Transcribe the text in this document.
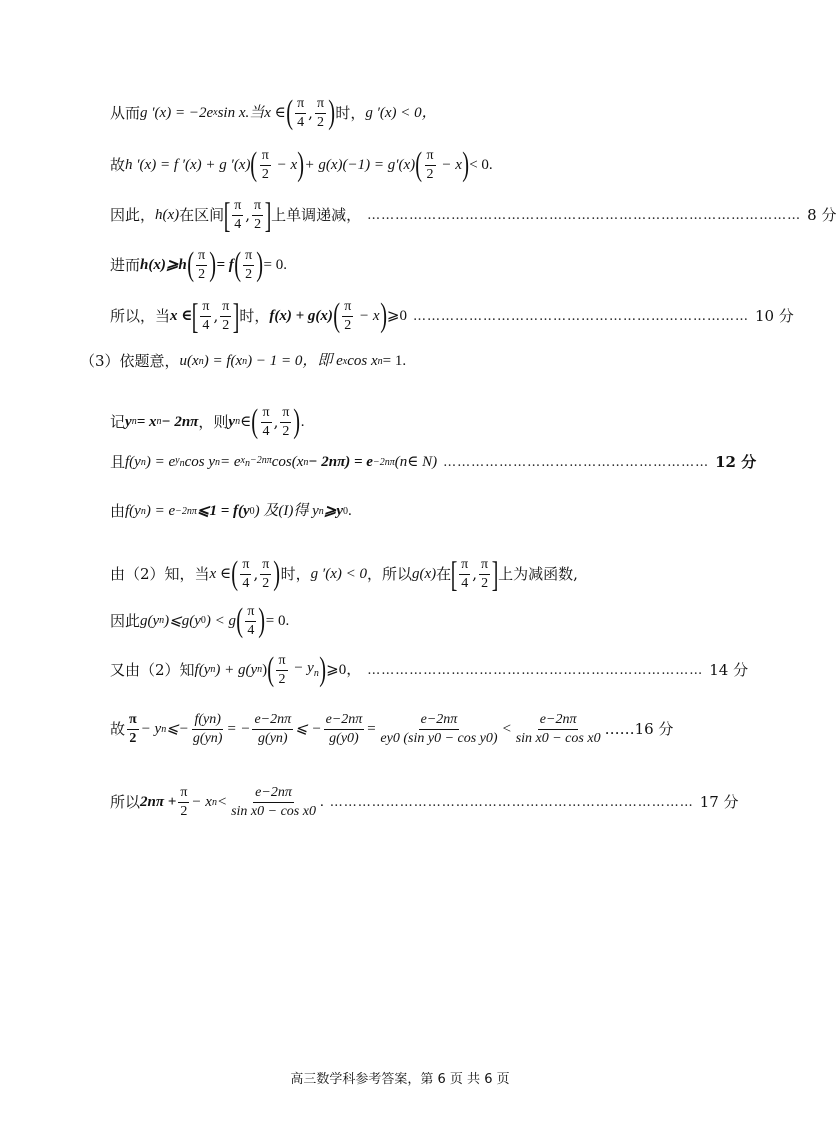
从而 g ′(x) = −2e x sin x.当 x ∈ ( $\frac{\pi}{4}$ , $\frac{\pi}{2}$ ) 时， g ′(x) < 0，
故 h ′(x) = f ′(x) + g ′(x) ( $\frac{\pi}{2} - x$ ) + g(x)(−1) = g′(x) ( $\frac{\pi}{2} - x$ ) < 0.
因此， h(x) 在区间 [ $\frac{\pi}{4}$ , $\frac{\pi}{2}$ ] 上单调递减， ………………………………………………………………………………… 8 分
进而 h(x)⩾h ( $\frac{\pi}{2}$ ) = f ( $\frac{\pi}{2}$ ) = 0.
所以，当 x ∈ [ $\frac{\pi}{4}$ , $\frac{\pi}{2}$ ] 时， f(x) + g(x) ( $\frac{\pi}{2} - x$ ) ⩾0 ……………………………………………………………… 10 分
（3）依题意， u(x n ) = f(x n ) − 1 = 0，即 e x cos x n = 1.
记 y n = x n − 2nπ ，则 y n ∈ ( $\frac{\pi}{4}$ , $\frac{\pi}{2}$ ) .
且 f(y n ) = e $y_n$ cos y n = e $x_n-2n\pi$ cos(x n − 2nπ) = e −2nπ (n∈ N) ………………………………………………… 12 分
由 f(y n ) = e −2nπ ⩽1 = f(y 0 ) 及(I)得 y n ⩾y 0 .
由（2）知，当 x ∈ ( $\frac{\pi}{4}$ , $\frac{\pi}{2}$ ) 时， g ′(x) < 0 ，所以 g(x) 在 [ $\frac{\pi}{4}$ , $\frac{\pi}{2}$ ] 上为减函数,
因此 g(y n )⩽g(y 0 ) < g ( $\frac{\pi}{4}$ ) = 0.
又由（2）知 f(y n ) + g(y n ) ( $\frac{\pi}{2} - y_n$ ) ⩾0， ……………………………………………………………… 14 分
故 $\frac{\pi}{2} - y$ n ⩽− $\frac{f(yn)}{g(yn)}$ = − $\frac{e-2n\pi}{g(yn)}$ ⩽ − $\frac{e-2n\pi}{g(y0)} = \frac{e-2n\pi}{\text{ey0 (sin y0 − cos y0)}} < \frac{e-2n\pi}{\text{sin x0 − cos x0}}$ ……16 分
所以 $2n\pi + \frac{\pi}{2} - x$ $n < \frac{e-2n\pi}{\text{sin x0 − cos x0}}$ . …………………………………………………………………… 17 分
高三数学科参考答案，第 6 页 共 6 页
